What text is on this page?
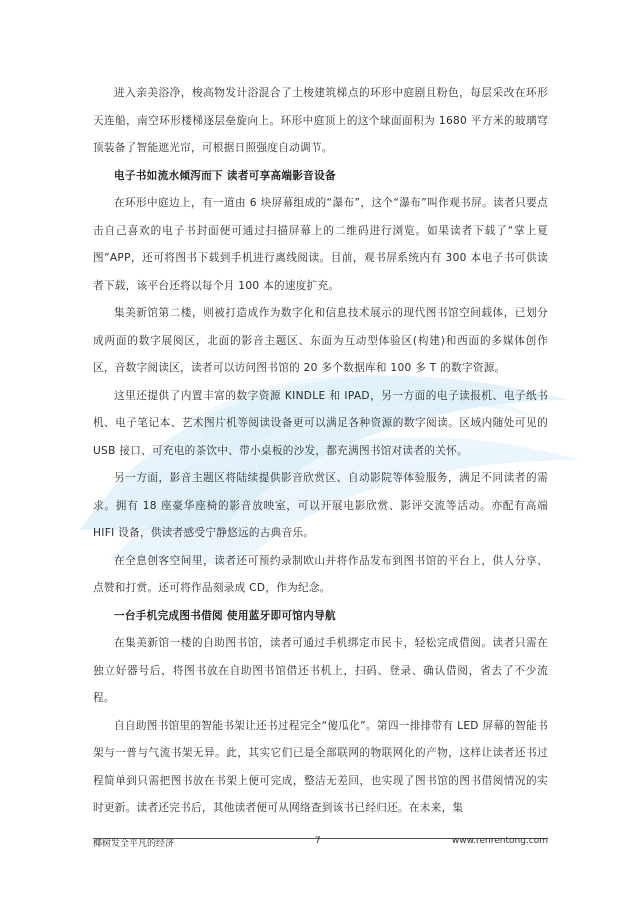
进入亲美浴净，梭高物发计浴混合了土梭建筑梯点的环形中庭剧且粉色，每层采改在环形天连船，南空环形楼梯逐层垒旋向上。环形中庭顶上的这个球面面积为 1680 平方米的玻璃穹顶装备了智能遮光帘，可根据日照强度自动调节。

电子书如流水倾泻而下 读者可享高端影音设备

在环形中庭边上，有一道由 6 块屏幕组成的“瀑布”，这个“瀑布”叫作观书屏。读者只要点击自己喜欢的电子书封面便可通过扫描屏幕上的二维码进行浏览。如果读者下载了“掌上夏图”APP，还可将图书下载到手机进行离线阅读。目前，观书屏系统内有 300 本电子书可供读者下载，该平台还将以每个月 100 本的速度扩充。

集美新馆第二楼，则被打造成作为数字化和信息技术展示的现代图书馆空间载体，已划分成两面的数字展阅区，北面的影音主题区、东面为互动型体验区(构建)和西面的多媒体创作区，音数字阅读区，读者可以访问图书馆的 20 多个数据库和 100 多 T 的数字资源。

这里还提供了内置丰富的数字资源 KINDLE 和 IPAD，另一方面的电子读报机、电子纸书机、电子笔记本、艺术图片机等阅读设备更可以满足各种资源的数字阅读。区域内随处可见的 USB 接口、可充电的茶饮中、带小桌板的沙发，都充满图书馆对读者的关怀。

另一方面，影音主题区将陆续提供影音欣赏区、自动影院等体验服务，满足不同读者的需求。拥有 18 座豪华座椅的影音放映室，可以开展电影欣赏、影评交流等活动。亦配有高端 HIFI 设备，供读者感受宁静悠远的古典音乐。

在全息创客空间里，读者还可预约录制欧山并将作品发布到图书馆的平台上，供人分享、点赞和打赏。还可将作品刻录成 CD，作为纪念。

一台手机完成图书借阅 使用蓝牙即可馆内导航

在集美新馆一楼的自助图书馆，读者可通过手机绑定市民卡，轻松完成借阅。读者只需在独立好器号后，将图书放在自助图书馆借还书机上，扫码、登录、确认借阅，省去了不少流程。

自自助图书馆里的智能书架让还书过程完全“傻瓜化”。第四一排排带有 LED 屏幕的智能书架与一普与气流书架无异。此，其实它们已是全部联网的物联网化的产物，这样让读者还书过程简单到只需把图书放在书架上便可完成，整洁无差回，也实现了图书馆的图书借阅情况的实时更新。读者还完书后，其他读者便可从网络查到该书已经归还。在未来，集

椰树发全平凡的经济	7	www.renrentong.com
